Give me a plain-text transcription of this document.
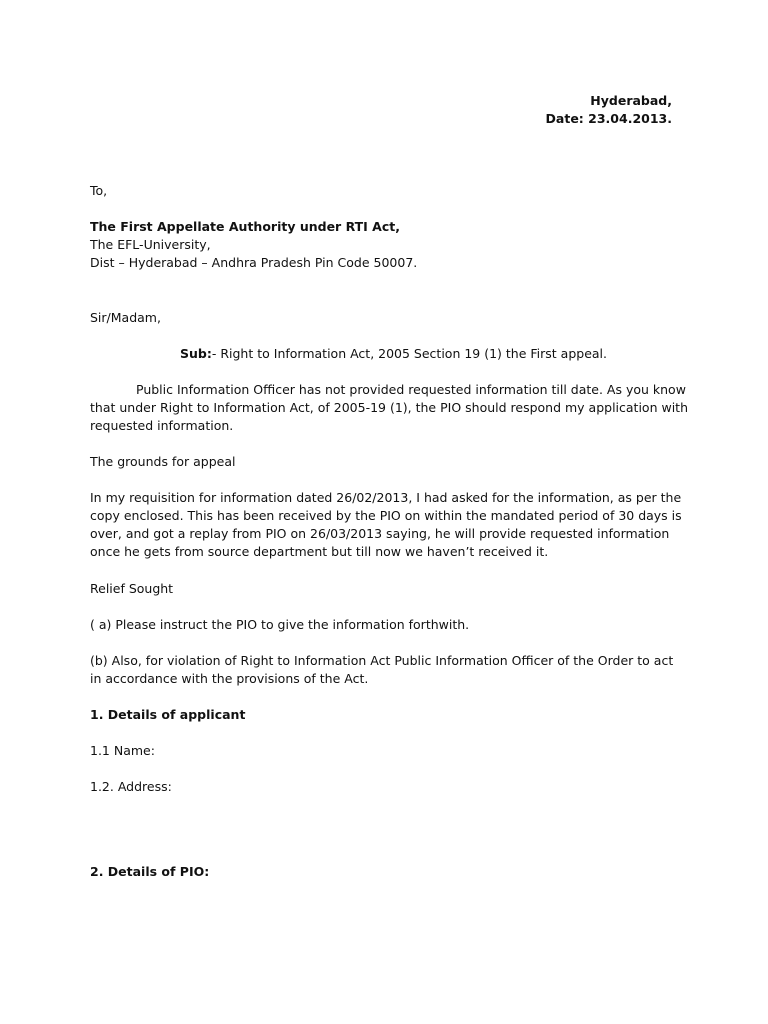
Hyderabad,
Date: 23.04.2013.
To,
The First Appellate Authority under RTI Act,
The EFL-University,
Dist – Hyderabad – Andhra Pradesh Pin Code 50007.
Sir/Madam,
Sub:- Right to Information Act, 2005 Section 19 (1) the First appeal.
Public Information Officer has not provided requested information till date. As you know
that under Right to Information Act, of 2005-19 (1), the PIO should respond my application with
requested information.
The grounds for appeal
In my requisition for information dated 26/02/2013, I had asked for the information, as per the
copy enclosed. This has been received by the PIO on within the mandated period of 30 days is
over, and got a replay from PIO on 26/03/2013 saying, he will provide requested information
once he gets from source department but till now we haven’t received it.
Relief Sought
( a) Please instruct the PIO to give the information forthwith.
(b) Also, for violation of Right to Information Act Public Information Officer of the Order to act
in accordance with the provisions of the Act.
1. Details of applicant
1.1 Name:
1.2. Address:
2. Details of PIO:
